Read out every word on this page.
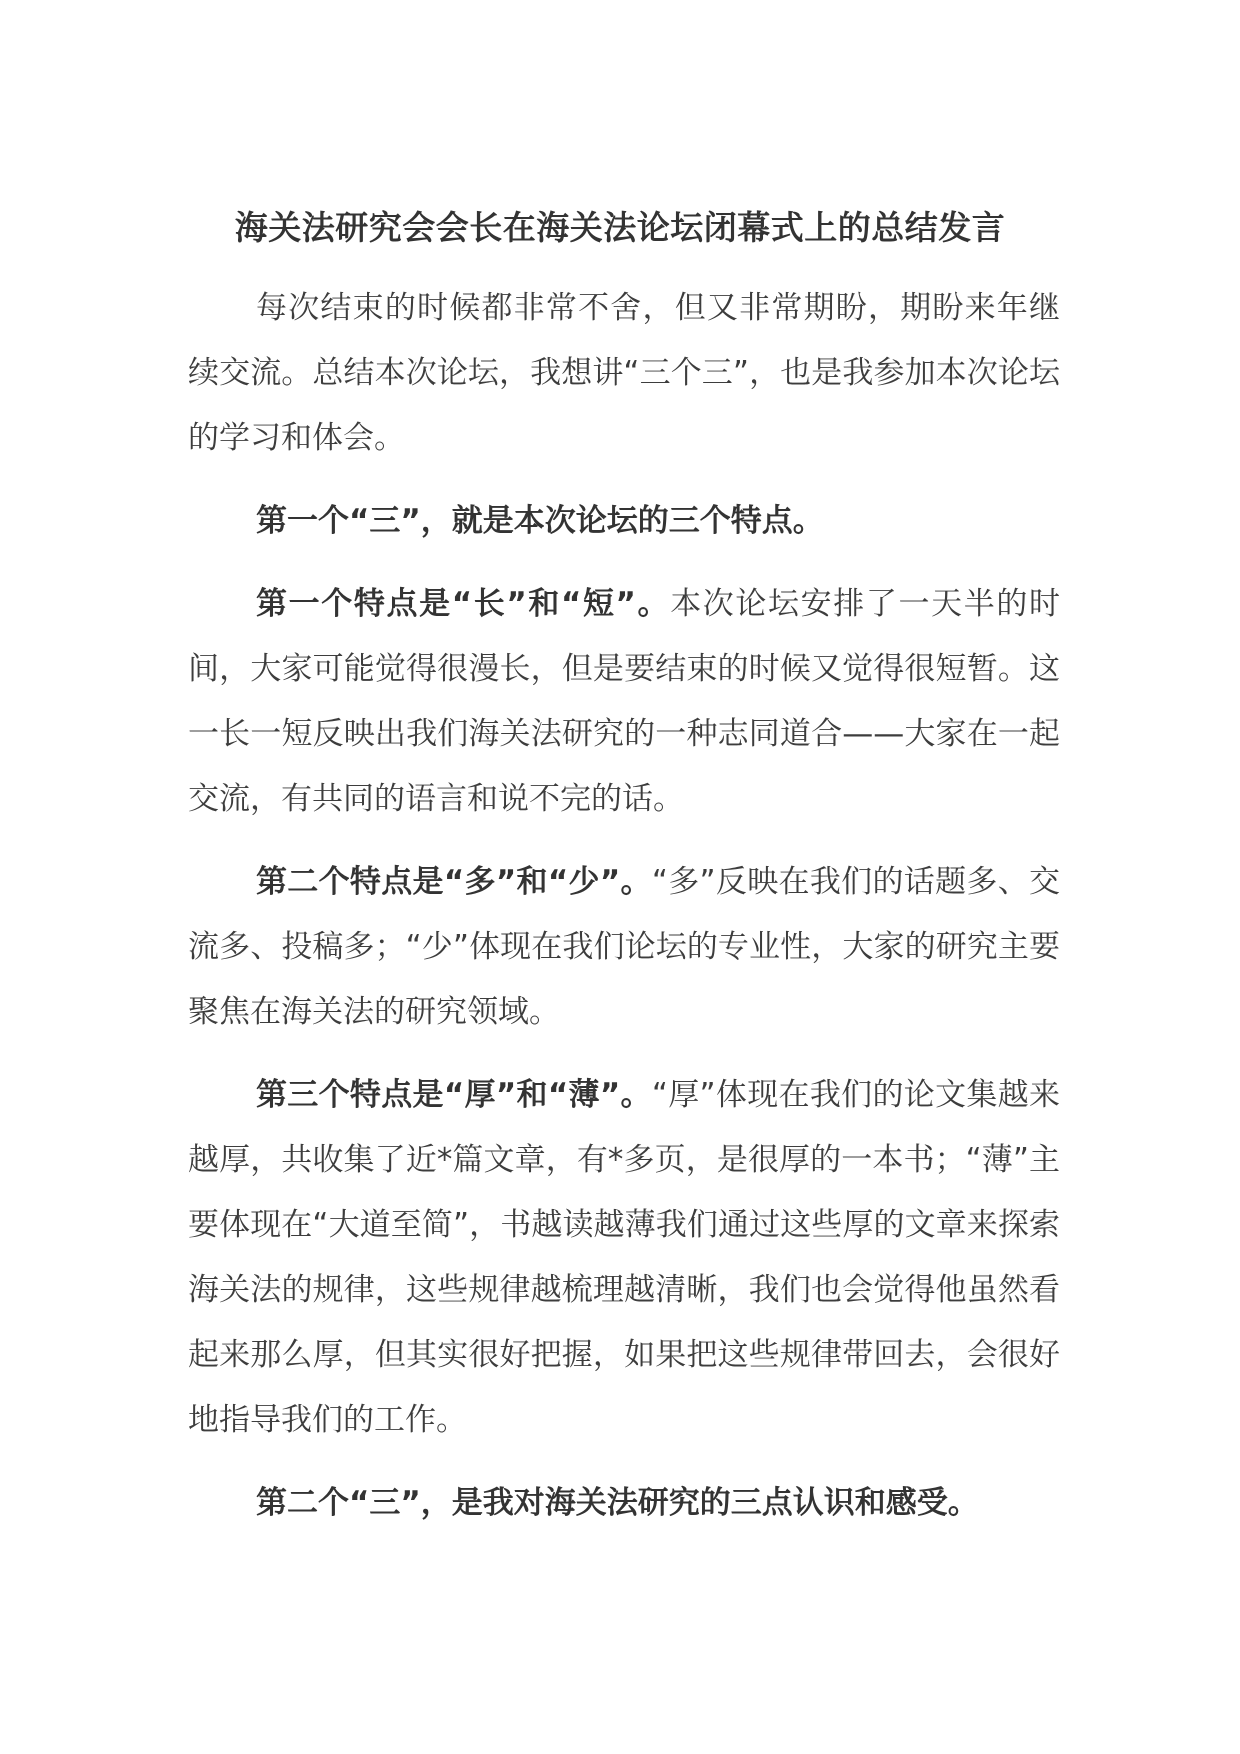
海关法研究会会长在海关法论坛闭幕式上的总结发言

每次结束的时候都非常不舍，但又非常期盼，期盼来年继续交流。总结本次论坛，我想讲“三个三”，也是我参加本次论坛的学习和体会。

第一个“三”，就是本次论坛的三个特点。

第一个特点是“长”和“短”。本次论坛安排了一天半的时间，大家可能觉得很漫长，但是要结束的时候又觉得很短暂。这一长一短反映出我们海关法研究的一种志同道合——大家在一起交流，有共同的语言和说不完的话。

第二个特点是“多”和“少”。“多”反映在我们的话题多、交流多、投稿多；“少”体现在我们论坛的专业性，大家的研究主要聚焦在海关法的研究领域。

第三个特点是“厚”和“薄”。“厚”体现在我们的论文集越来越厚，共收集了近*篇文章，有*多页，是很厚的一本书；“薄”主要体现在“大道至简”，书越读越薄我们通过这些厚的文章来探索海关法的规律，这些规律越梳理越清晰，我们也会觉得他虽然看起来那么厚，但其实很好把握，如果把这些规律带回去，会很好地指导我们的工作。

第二个“三”，是我对海关法研究的三点认识和感受。
